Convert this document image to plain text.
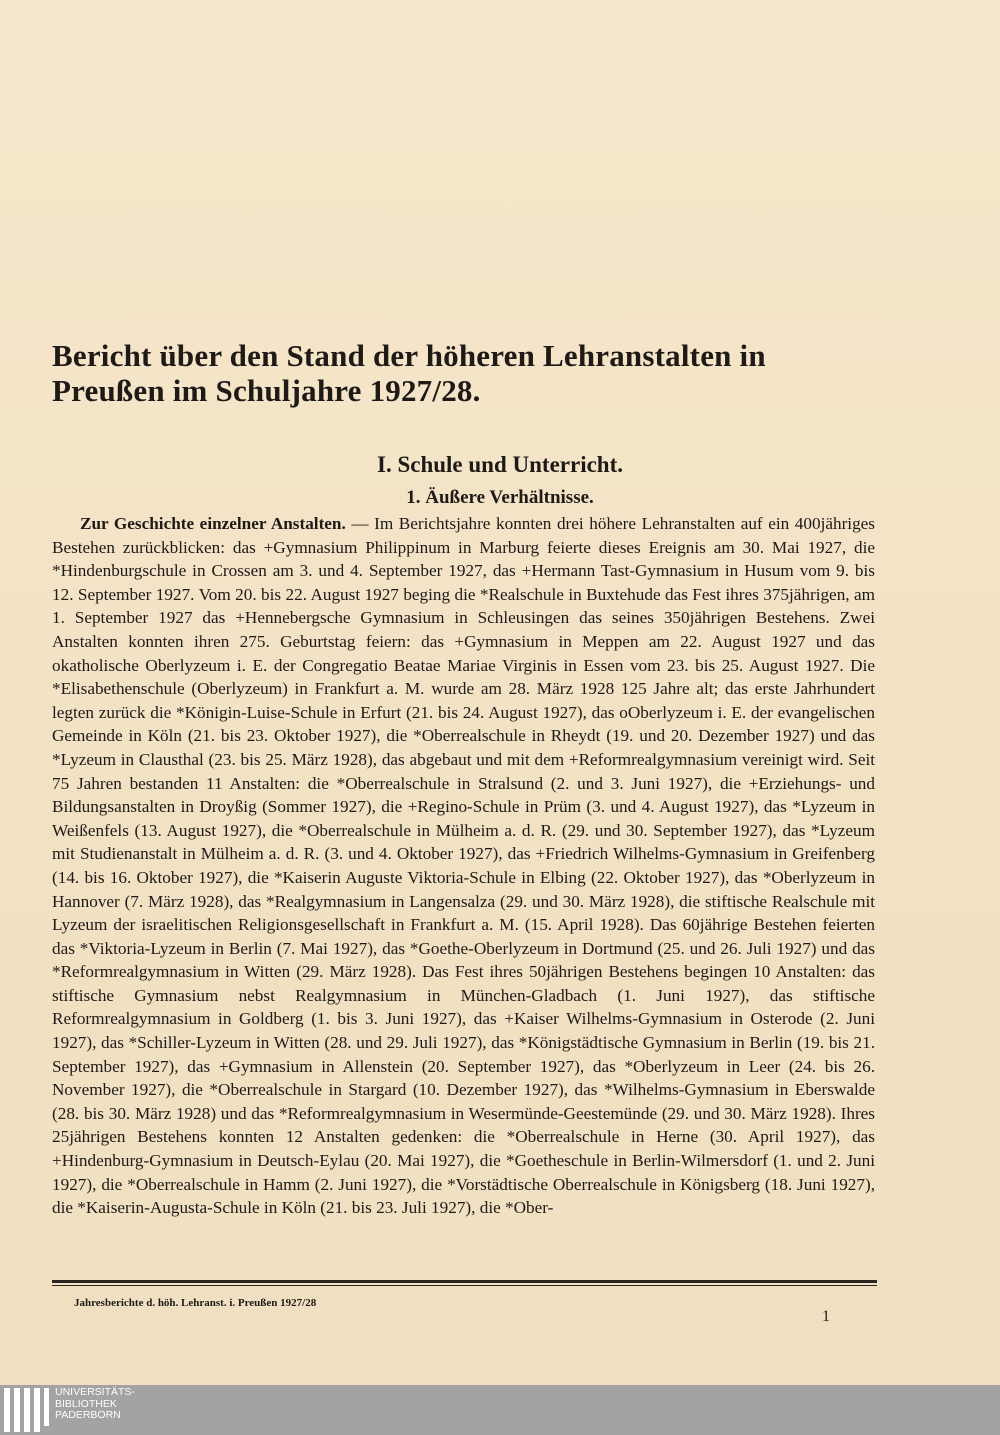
Bericht über den Stand der höheren Lehranstalten in Preußen im Schuljahre 1927/28.
I. Schule und Unterricht.
1. Äußere Verhältnisse.

Zur Geschichte einzelner Anstalten. — Im Berichtsjahre konnten drei höhere Lehranstalten auf ein 400jähriges Bestehen zurückblicken: das +Gymnasium Philippinum in Marburg feierte dieses Ereignis am 30. Mai 1927, die *Hindenburgschule in Crossen am 3. und 4. September 1927, das +Hermann Tast-Gymnasium in Husum vom 9. bis 12. September 1927. Vom 20. bis 22. August 1927 beging die *Realschule in Buxtehude das Fest ihres 375jährigen, am 1. September 1927 das +Hennebergsche Gymnasium in Schleusingen das seines 350jährigen Bestehens. Zwei Anstalten konnten ihren 275. Geburtstag feiern: das +Gymnasium in Meppen am 22. August 1927 und das okatholische Oberlyzeum i. E. der Congregatio Beatae Mariae Virginis in Essen vom 23. bis 25. August 1927. Die *Elisabethenschule (Oberlyzeum) in Frankfurt a. M. wurde am 28. März 1928 125 Jahre alt; das erste Jahrhundert legten zurück die *Königin-Luise-Schule in Erfurt (21. bis 24. August 1927), das oOberlyzeum i. E. der evangelischen Gemeinde in Köln (21. bis 23. Oktober 1927), die *Oberrealschule in Rheydt (19. und 20. Dezember 1927) und das *Lyzeum in Clausthal (23. bis 25. März 1928), das abgebaut und mit dem +Reformrealgymnasium vereinigt wird. Seit 75 Jahren bestanden 11 Anstalten: die *Oberrealschule in Stralsund (2. und 3. Juni 1927), die +Erziehungs- und Bildungsanstalten in Droyßig (Sommer 1927), die +Regino-Schule in Prüm (3. und 4. August 1927), das *Lyzeum in Weißenfels (13. August 1927), die *Oberrealschule in Mülheim a. d. R. (29. und 30. September 1927), das *Lyzeum mit Studienanstalt in Mülheim a. d. R. (3. und 4. Oktober 1927), das +Friedrich Wilhelms-Gymnasium in Greifenberg (14. bis 16. Oktober 1927), die *Kaiserin Auguste Viktoria-Schule in Elbing (22. Oktober 1927), das *Oberlyzeum in Hannover (7. März 1928), das *Realgymnasium in Langensalza (29. und 30. März 1928), die stiftische Realschule mit Lyzeum der israelitischen Religionsgesellschaft in Frankfurt a. M. (15. April 1928). Das 60jährige Bestehen feierten das *Viktoria-Lyzeum in Berlin (7. Mai 1927), das *Goethe-Oberlyzeum in Dortmund (25. und 26. Juli 1927) und das *Reformrealgymnasium in Witten (29. März 1928). Das Fest ihres 50jährigen Bestehens begingen 10 Anstalten: das stiftische Gymnasium nebst Realgymnasium in München-Gladbach (1. Juni 1927), das stiftische Reformrealgymnasium in Goldberg (1. bis 3. Juni 1927), das +Kaiser Wilhelms-Gymnasium in Osterode (2. Juni 1927), das *Schiller-Lyzeum in Witten (28. und 29. Juli 1927), das *Königstädtische Gymnasium in Berlin (19. bis 21. September 1927), das +Gymnasium in Allenstein (20. September 1927), das *Oberlyzeum in Leer (24. bis 26. November 1927), die *Oberrealschule in Stargard (10. Dezember 1927), das *Wilhelms-Gymnasium in Eberswalde (28. bis 30. März 1928) und das *Reformrealgymnasium in Wesermünde-Geestemünde (29. und 30. März 1928). Ihres 25jährigen Bestehens konnten 12 Anstalten gedenken: die *Oberrealschule in Herne (30. April 1927), das +Hindenburg-Gymnasium in Deutsch-Eylau (20. Mai 1927), die *Goetheschule in Berlin-Wilmersdorf (1. und 2. Juni 1927), die *Oberrealschule in Hamm (2. Juni 1927), die *Vorstädtische Oberrealschule in Königsberg (18. Juni 1927), die *Kaiserin-Augusta-Schule in Köln (21. bis 23. Juli 1927), die *Ober-

Jahresberichte d. höh. Lehranst. i. Preußen 1927/28
1
UNIVERSITÄTS-
BIBLIOTHEK
PADERBORN
